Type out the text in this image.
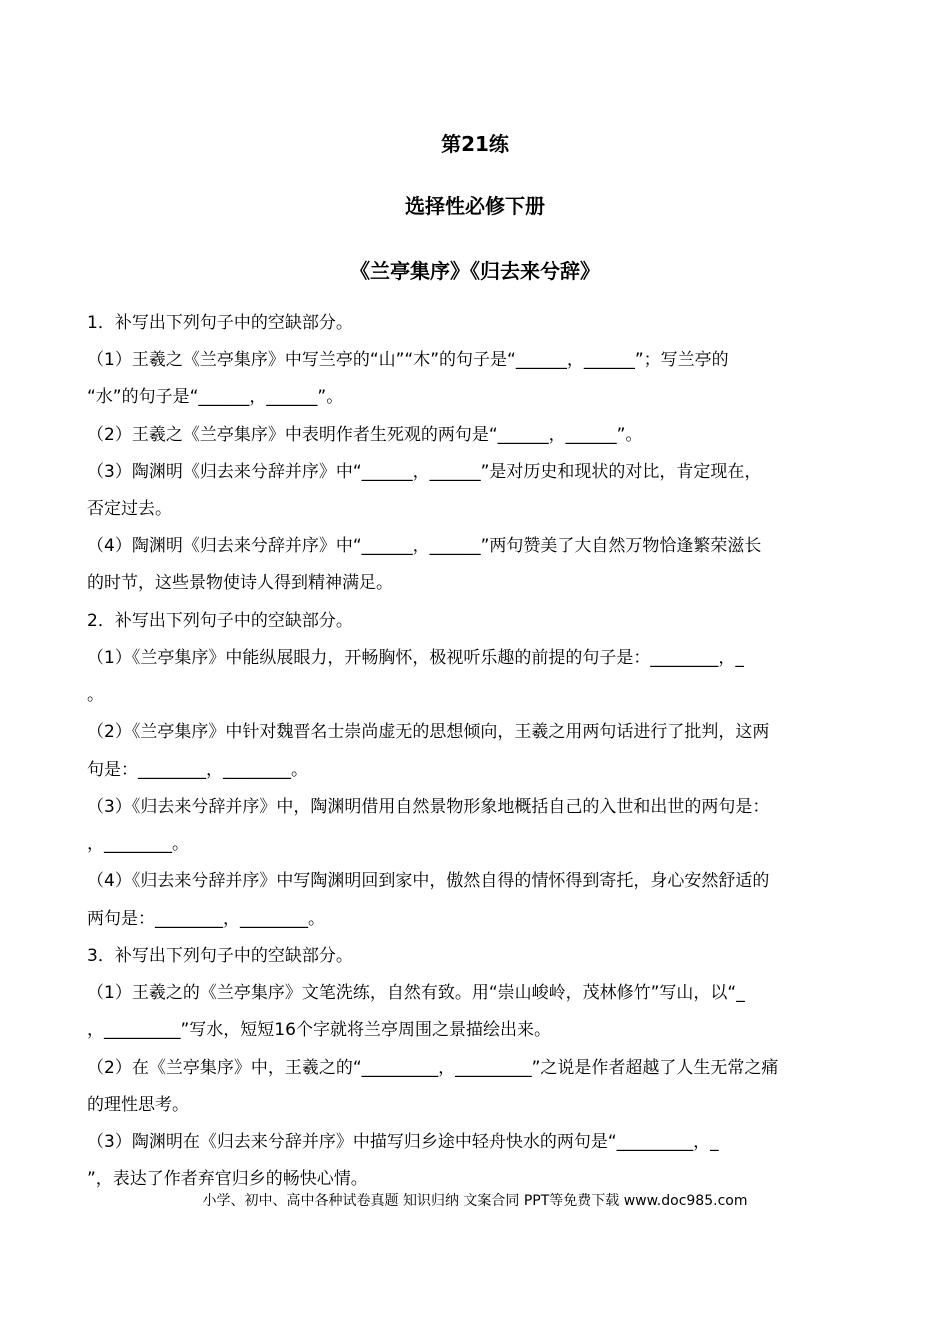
第21练
选择性必修下册
《兰亭集序》《归去来兮辞》
1．补写出下列句子中的空缺部分。
（1）王羲之《兰亭集序》中写兰亭的“山”“木”的句子是“______，______”；写兰亭的
“水”的句子是“______，______”。
（2）王羲之《兰亭集序》中表明作者生死观的两句是“______，______”。
（3）陶渊明《归去来兮辞并序》中“______，______”是对历史和现状的对比，肯定现在，
否定过去。
（4）陶渊明《归去来兮辞并序》中“______，______”两句赞美了大自然万物恰逢繁荣滋长
的时节，这些景物使诗人得到精神满足。
2．补写出下列句子中的空缺部分。
（1）《兰亭集序》中能纵展眼力，开畅胸怀，极视听乐趣的前提的句子是：________，_
。
（2）《兰亭集序》中针对魏晋名士崇尚虚无的思想倾向，王羲之用两句话进行了批判，这两
句是：________，________。
（3）《归去来兮辞并序》中，陶渊明借用自然景物形象地概括自己的入世和出世的两句是：
，________。
（4）《归去来兮辞并序》中写陶渊明回到家中，傲然自得的情怀得到寄托，身心安然舒适的
两句是：________，________。
3．补写出下列句子中的空缺部分。
（1）王羲之的《兰亭集序》文笔洗练，自然有致。用“崇山峻岭，茂林修竹”写山，以“_
，_________”写水，短短16个字就将兰亭周围之景描绘出来。
（2）在《兰亭集序》中，王羲之的“_________，_________”之说是作者超越了人生无常之痛
的理性思考。
（3）陶渊明在《归去来兮辞并序》中描写归乡途中轻舟快水的两句是“_________，_
”，表达了作者弃官归乡的畅快心情。
小学、初中、高中各种试卷真题 知识归纳 文案合同 PPT等免费下载 www.doc985.com
